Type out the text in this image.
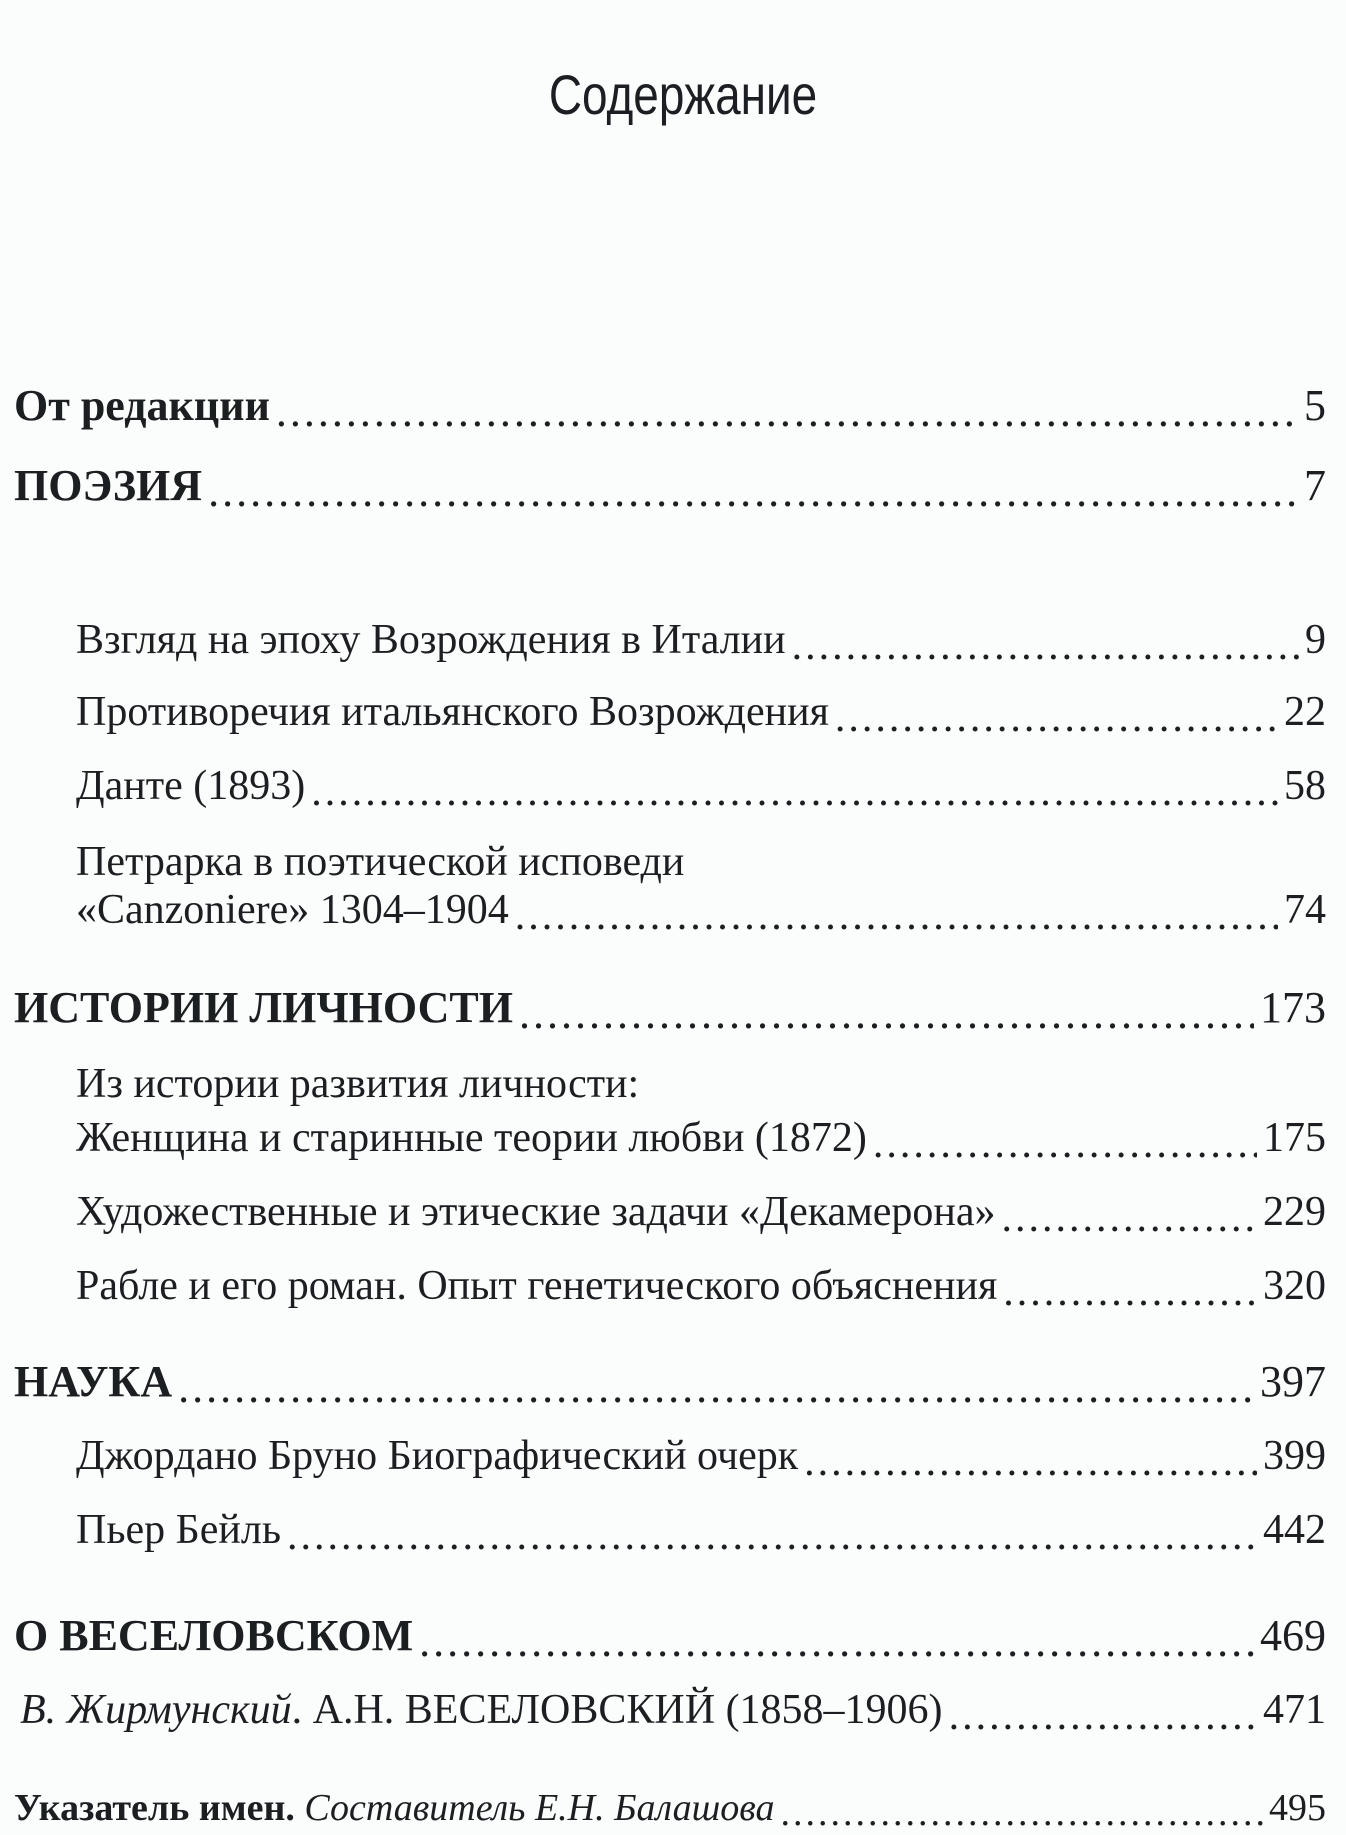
Содержание
От редакции .....	5
ПОЭЗИЯ .....	7
Взгляд на эпоху Возрождения в Италии .....	9
Противоречия итальянского Возрождения .....	22
Данте (1893) .....	58
Петрарка в поэтической исповеди
«Canzoniere» 1304–1904 .....	74
ИСТОРИИ ЛИЧНОСТИ .....	173
Из истории развития личности:
Женщина и старинные теории любви (1872) .....	175
Художественные и этические задачи «Декамерона» .....	229
Рабле и его роман. Опыт генетического объяснения .....	320
НАУКА .....	397
Джордано Бруно Биографический очерк .....	399
Пьер Бейль .....	442
О ВЕСЕЛОВСКОМ .....	469
В. Жирмунский. А.Н. ВЕСЕЛОВСКИЙ (1858–1906) .....	471
Указатель имен. Составитель Е.Н. Балашова .....	495
